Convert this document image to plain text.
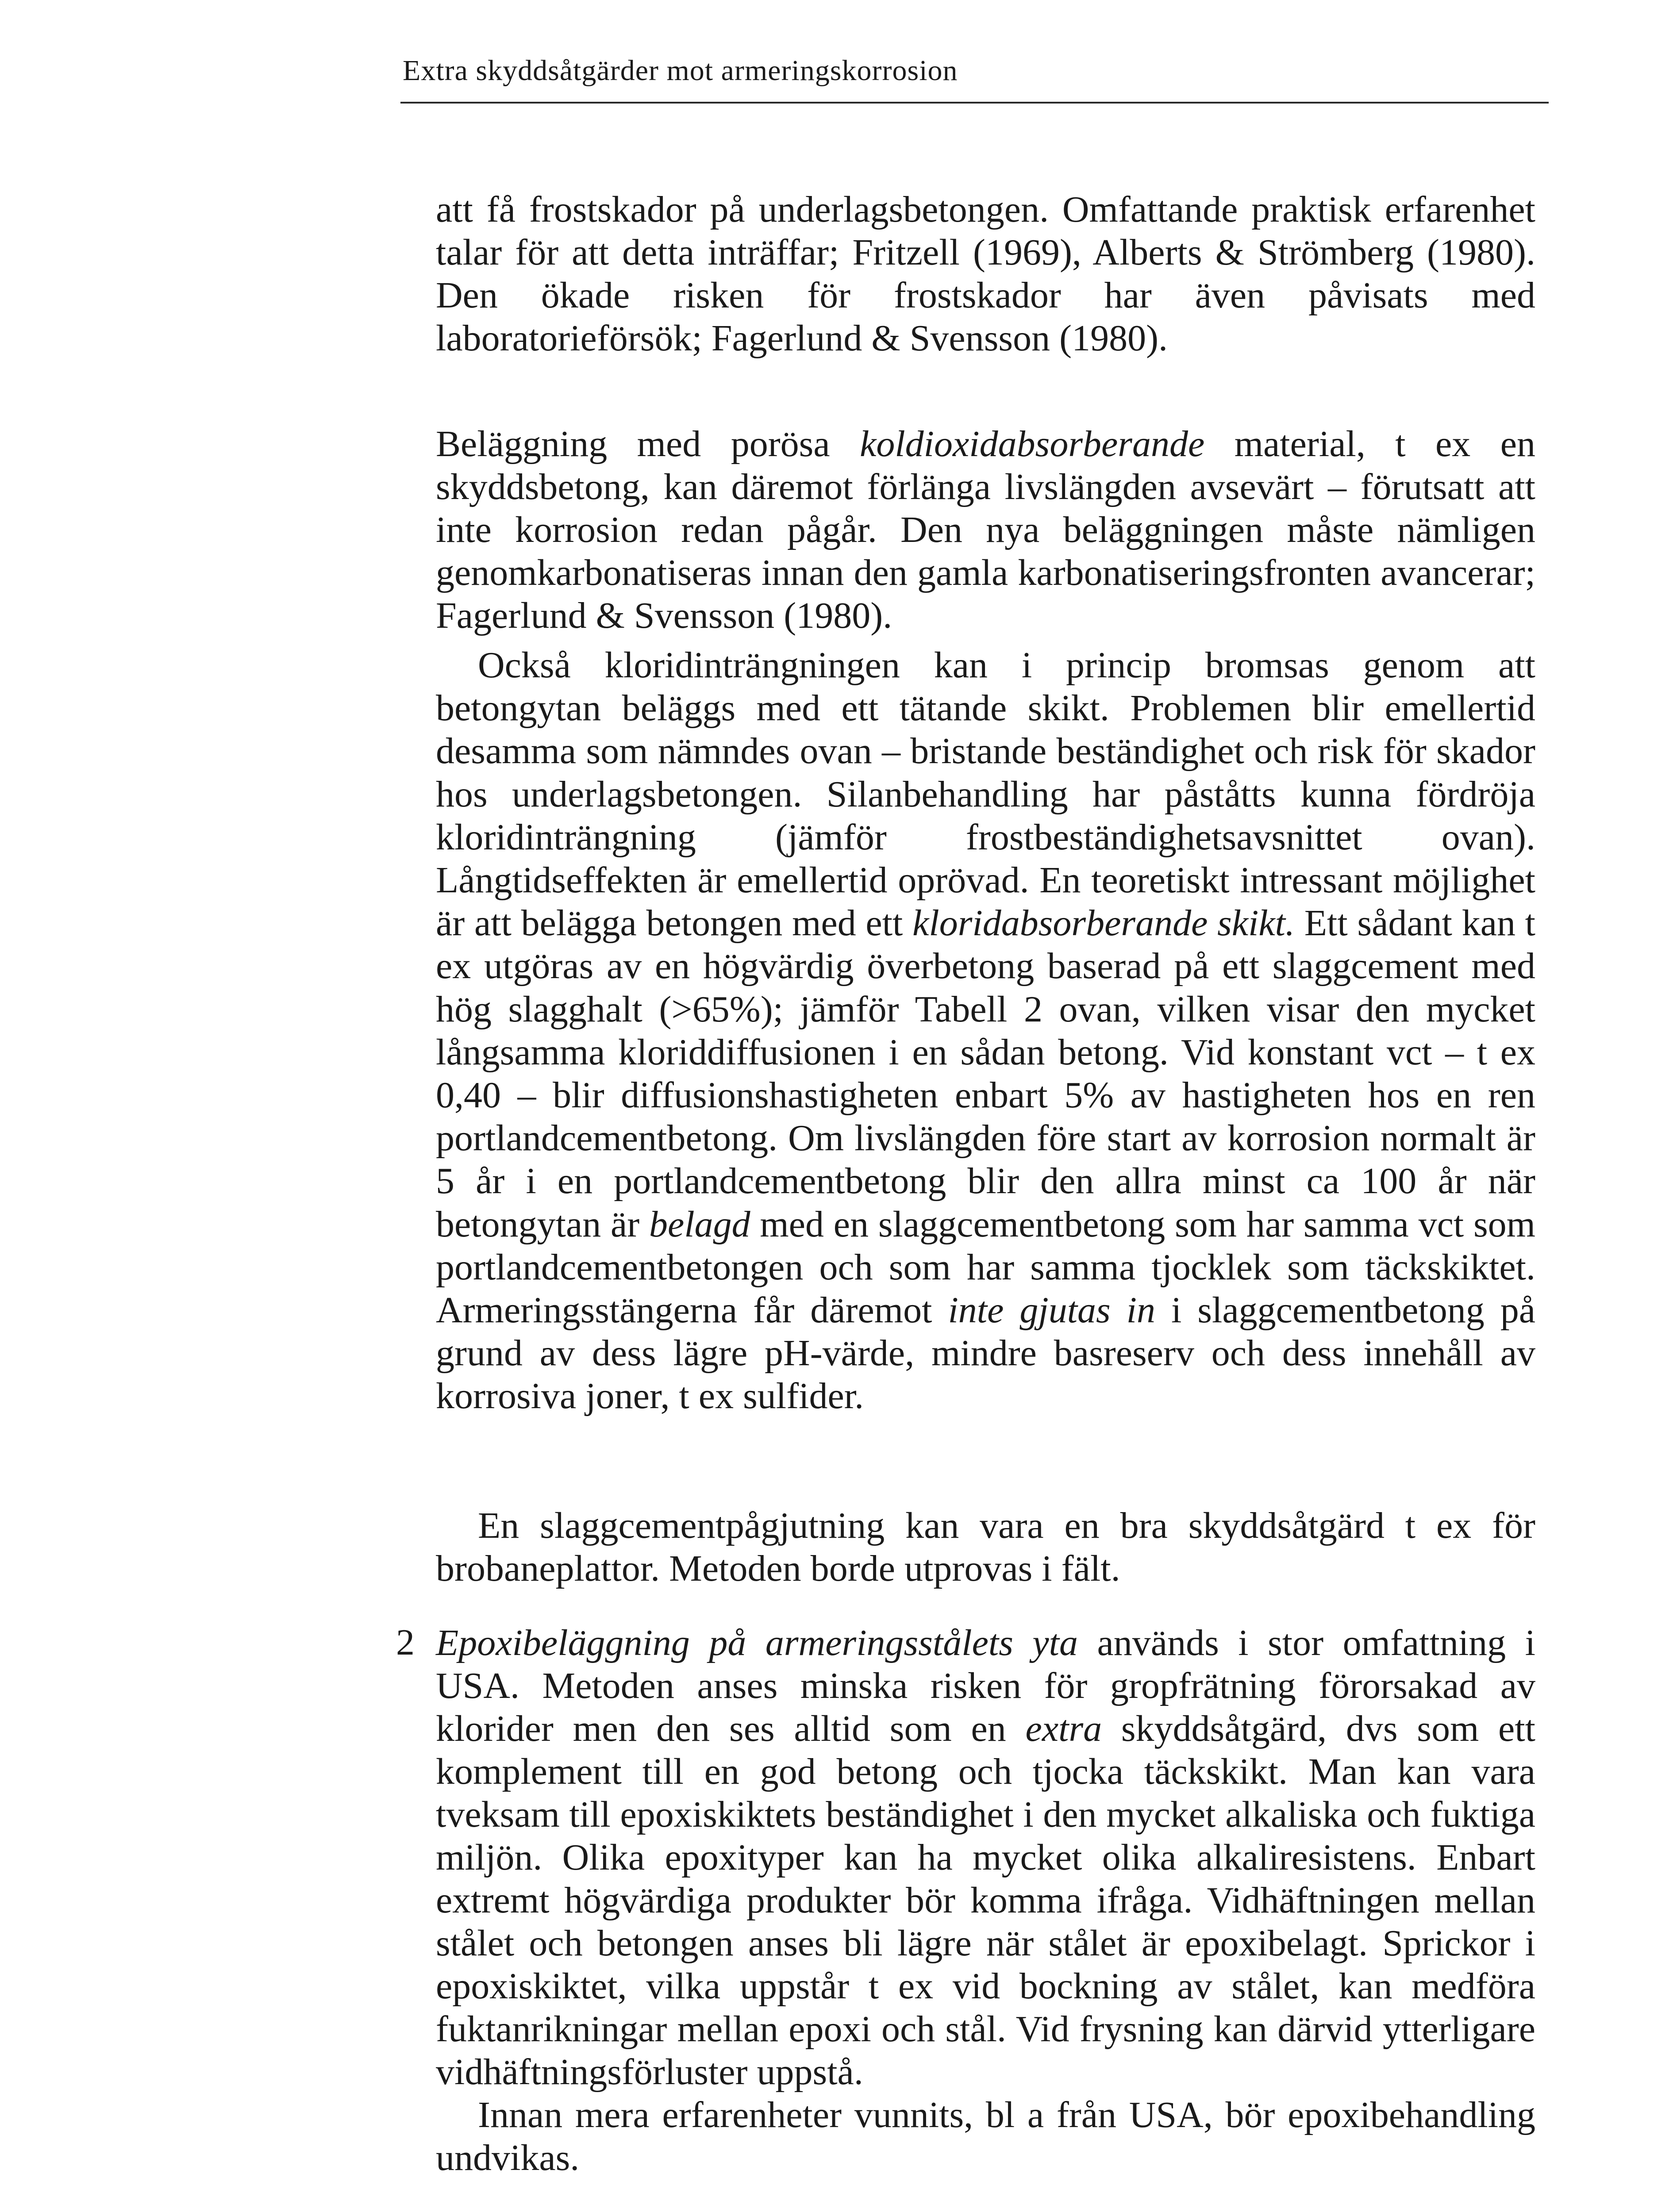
Extra skyddsåtgärder mot armeringskorrosion

att få frostskador på underlagsbetongen. Omfattande praktisk erfarenhet talar för att detta inträffar; Fritzell (1969), Alberts & Strömberg (1980). Den ökade risken för frostskador har även påvisats med laboratorieförsök; Fagerlund & Svensson (1980).

Beläggning med porösa koldioxidabsorberande material, t ex en skyddsbetong, kan däremot förlänga livslängden avsevärt – förutsatt att inte korrosion redan pågår. Den nya beläggningen måste nämligen genomkarbonatiseras innan den gamla karbonatiseringsfronten avancerar; Fagerlund & Svensson (1980).

Också kloridinträngningen kan i princip bromsas genom att betongytan beläggs med ett tätande skikt. Problemen blir emellertid desamma som nämndes ovan – bristande beständighet och risk för skador hos underlagsbetongen. Silanbehandling har påståtts kunna fördröja kloridinträngning (jämför frostbeständighetsavsnittet ovan). Långtidseffekten är emellertid oprövad. En teoretiskt intressant möjlighet är att belägga betongen med ett kloridabsorberande skikt. Ett sådant kan t ex utgöras av en högvärdig överbetong baserad på ett slaggcement med hög slagghalt (>65%); jämför Tabell 2 ovan, vilken visar den mycket långsamma kloriddiffusionen i en sådan betong. Vid konstant vct – t ex 0,40 – blir diffusionshastigheten enbart 5% av hastigheten hos en ren portlandcementbetong. Om livslängden före start av korrosion normalt är 5 år i en portlandcementbetong blir den allra minst ca 100 år när betongytan är belagd med en slaggcementbetong som har samma vct som portlandcementbetongen och som har samma tjocklek som täckskiktet. Armeringsstängerna får däremot inte gjutas in i slaggcementbetong på grund av dess lägre pH-värde, mindre basreserv och dess innehåll av korrosiva joner, t ex sulfider.

En slaggcementpågjutning kan vara en bra skyddsåtgärd t ex för brobaneplattor. Metoden borde utprovas i fält.

2 Epoxibeläggning på armeringsstålets yta används i stor omfattning i USA. Metoden anses minska risken för gropfrätning förorsakad av klorider men den ses alltid som en extra skyddsåtgärd, dvs som ett komplement till en god betong och tjocka täckskikt. Man kan vara tveksam till epoxiskiktets beständighet i den mycket alkaliska och fuktiga miljön. Olika epoxityper kan ha mycket olika alkaliresistens. Enbart extremt högvärdiga produkter bör komma ifråga. Vidhäftningen mellan stålet och betongen anses bli lägre när stålet är epoxibelagt. Sprickor i epoxiskiktet, vilka uppstår t ex vid bockning av stålet, kan medföra fuktanrikningar mellan epoxi och stål. Vid frysning kan därvid ytterligare vidhäftningsförluster uppstå.

Innan mera erfarenheter vunnits, bl a från USA, bör epoxibehandling undvikas.
